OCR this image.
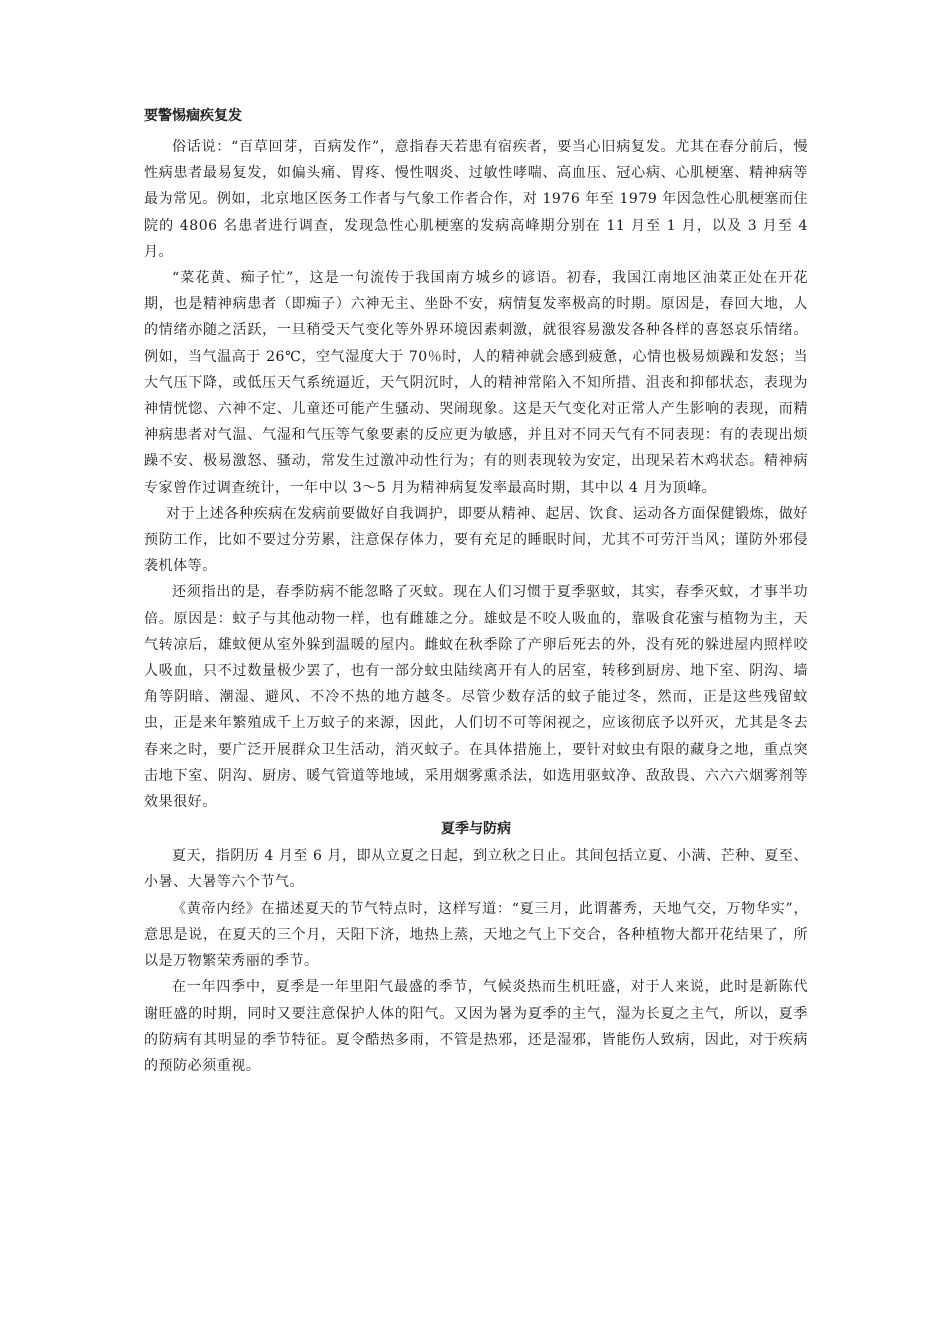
要警惕痼疾复发

俗话说：“百草回芽，百病发作”，意指春天若患有宿疾者，要当心旧病复发。尤其在春分前后，慢性病患者最易复发，如偏头痛、胃疼、慢性咽炎、过敏性哮喘、高血压、冠心病、心肌梗塞、精神病等最为常见。例如，北京地区医务工作者与气象工作者合作，对 1976 年至 1979 年因急性心肌梗塞而住院的 4806 名患者进行调查，发现急性心肌梗塞的发病高峰期分别在 11 月至 1 月，以及 3 月至 4 月。

“菜花黄、痴子忙”，这是一句流传于我国南方城乡的谚语。初春，我国江南地区油菜正处在开花期，也是精神病患者（即痴子）六神无主、坐卧不安，病情复发率极高的时期。原因是，春回大地，人的情绪亦随之活跃，一旦稍受天气变化等外界环境因素刺激，就很容易激发各种各样的喜怒哀乐情绪。例如，当气温高于 26℃，空气湿度大于 70％时，人的精神就会感到疲惫，心情也极易烦躁和发怒；当大气压下降，或低压天气系统逼近，天气阴沉时，人的精神常陷入不知所措、沮丧和抑郁状态，表现为神情恍惚、六神不定、儿童还可能产生骚动、哭闹现象。这是天气变化对正常人产生影响的表现，而精神病患者对气温、气湿和气压等气象要素的反应更为敏感，并且对不同天气有不同表现：有的表现出烦躁不安、极易激怒、骚动，常发生过激冲动性行为；有的则表现较为安定，出现呆若木鸡状态。精神病专家曾作过调查统计，一年中以 3～5 月为精神病复发率最高时期，其中以 4 月为顶峰。

对于上述各种疾病在发病前要做好自我调护，即要从精神、起居、饮食、运动各方面保健锻炼，做好预防工作，比如不要过分劳累，注意保存体力，要有充足的睡眠时间，尤其不可劳汗当风；谨防外邪侵袭机体等。

还须指出的是，春季防病不能忽略了灭蚊。现在人们习惯于夏季驱蚊，其实，春季灭蚊，才事半功倍。原因是：蚊子与其他动物一样，也有雌雄之分。雄蚊是不咬人吸血的，靠吸食花蜜与植物为主，天气转凉后，雄蚊便从室外躲到温暖的屋内。雌蚊在秋季除了产卵后死去的外，没有死的躲进屋内照样咬人吸血，只不过数量极少罢了，也有一部分蚊虫陆续离开有人的居室，转移到厨房、地下室、阴沟、墙角等阴暗、潮湿、避风、不冷不热的地方越冬。尽管少数存活的蚊子能过冬，然而，正是这些残留蚊虫，正是来年繁殖成千上万蚊子的来源，因此，人们切不可等闲视之，应该彻底予以歼灭，尤其是冬去春来之时，要广泛开展群众卫生活动，消灭蚊子。在具体措施上，要针对蚊虫有限的藏身之地，重点突击地下室、阴沟、厨房、暖气管道等地域，采用烟雾熏杀法，如选用驱蚊净、敌敌畏、六六六烟雾剂等效果很好。

夏季与防病

夏天，指阴历 4 月至 6 月，即从立夏之日起，到立秋之日止。其间包括立夏、小满、芒种、夏至、小暑、大暑等六个节气。

《黄帝内经》在描述夏天的节气特点时，这样写道：“夏三月，此谓蕃秀，天地气交，万物华实”，意思是说，在夏天的三个月，天阳下济，地热上蒸，天地之气上下交合，各种植物大都开花结果了，所以是万物繁荣秀丽的季节。

在一年四季中，夏季是一年里阳气最盛的季节，气候炎热而生机旺盛，对于人来说，此时是新陈代谢旺盛的时期，同时又要注意保护人体的阳气。又因为暑为夏季的主气，湿为长夏之主气，所以，夏季的防病有其明显的季节特征。夏令酷热多雨，不管是热邪，还是湿邪，皆能伤人致病，因此，对于疾病的预防必须重视。
